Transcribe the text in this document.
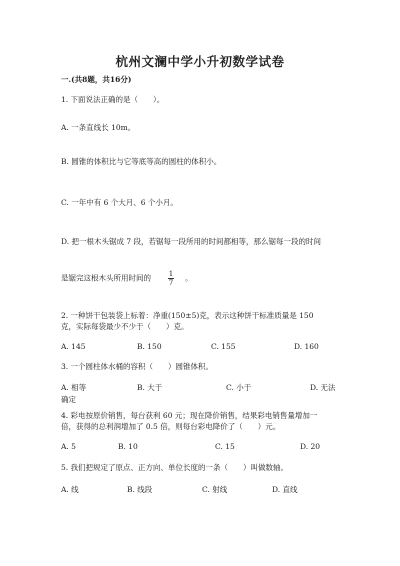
杭州文澜中学小升初数学试卷
一.(共8题，共16分)
1. 下面说法正确的是（　　）。
A. 一条直线长 10m。
B. 圆锥的体积比与它等底等高的圆柱的体积小。
C. 一年中有 6 个大月、6 个小月。
D. 把一根木头锯成 7 段，若锯每一段所用的时间都相等，那么锯每一段的时间
是锯完这根木头所用时间的 $\frac{1}{7}$ 。
2. 一种饼干包装袋上标着：净重(150±5)克，表示这种饼干标准质量是 150
克，实际每袋最少不少于（　　）克。
A. 145	B. 150	C. 155	D. 160
3. 一个圆柱体水桶的容积（　　）圆锥体积。
A. 相等	B. 大于	C. 小于	D. 无法
确定
4. 彩电按原价销售，每台获利 60 元；现在降价销售，结果彩电销售量增加一
倍，获得的总利润增加了 0.5 倍，则每台彩电降价了（　　）元。
A. 5	B. 10	C. 15	D. 20
5. 我们把规定了原点、正方向、单位长度的一条（　　）叫做数轴。
A. 线	B. 线段	C. 射线	D. 直线
